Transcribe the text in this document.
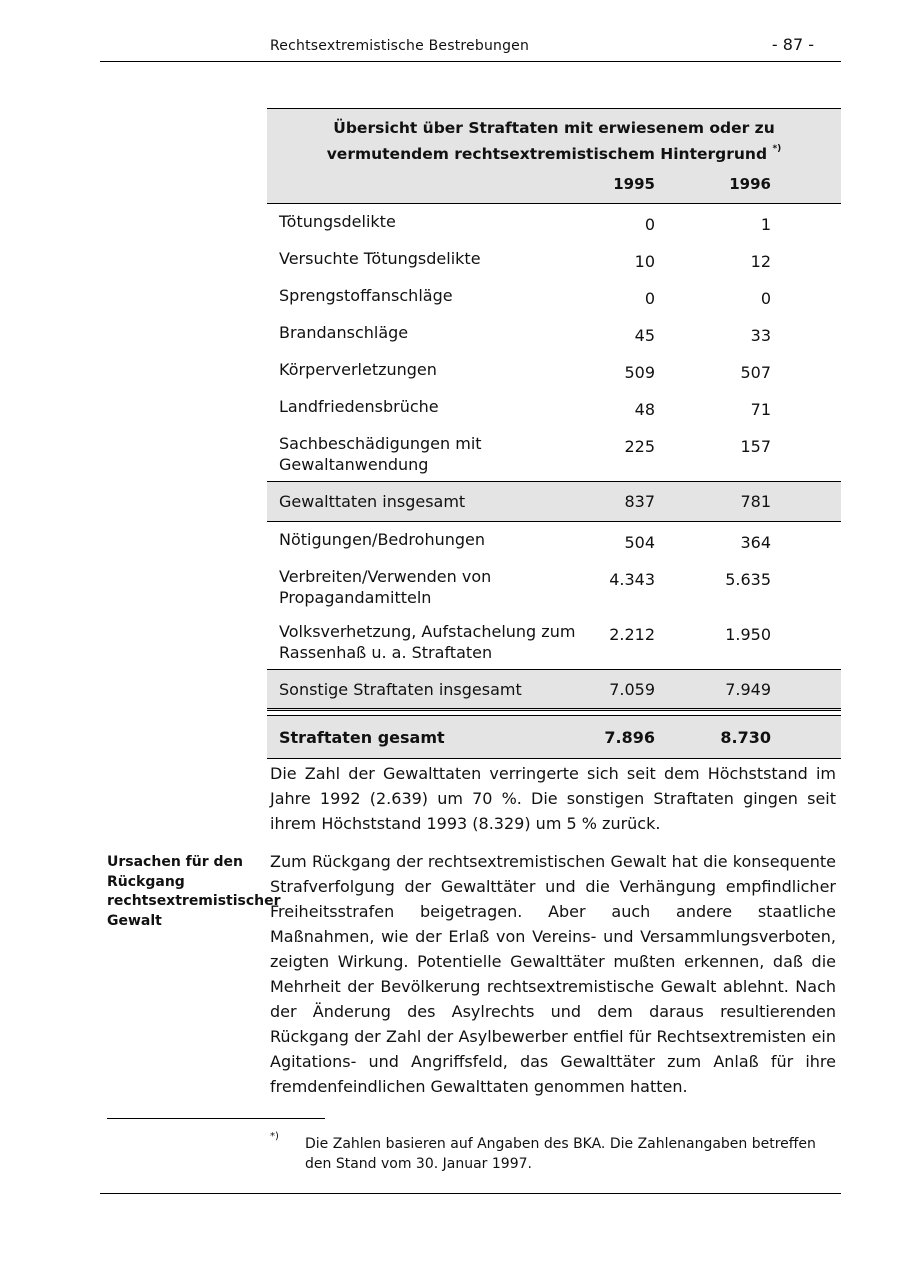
Rechtsextremistische Bestrebungen	- 87 -
Übersicht über Straftaten mit erwiesenem oder zu vermutendem rechtsextremistischem Hintergrund *)
	1995	1996
Tötungsdelikte	0	1
Versuchte Tötungsdelikte	10	12
Sprengstoffanschläge	0	0
Brandanschläge	45	33
Körperverletzungen	509	507
Landfriedensbrüche	48	71
Sachbeschädigungen mit Gewaltanwendung	225	157
Gewalttaten insgesamt	837	781
Nötigungen/Bedrohungen	504	364
Verbreiten/Verwenden von Propagandamitteln	4.343	5.635
Volksverhetzung, Aufstachelung zum Rassenhaß u. a. Straftaten	2.212	1.950
Sonstige Straftaten insgesamt	7.059	7.949

Straftaten gesamt	7.896	8.730

Die Zahl der Gewalttaten verringerte sich seit dem Höchststand im Jahre 1992 (2.639) um 70 %. Die sonstigen Straftaten gingen seit ihrem Höchststand 1993 (8.329) um 5 % zurück.

Ursachen für den Rückgang rechtsextremistischer Gewalt

Zum Rückgang der rechtsextremistischen Gewalt hat die konsequente Strafverfolgung der Gewalttäter und die Verhängung empfindlicher Freiheitsstrafen beigetragen. Aber auch andere staatliche Maßnahmen, wie der Erlaß von Vereins- und Versammlungsverboten, zeigten Wirkung. Potentielle Gewalttäter mußten erkennen, daß die Mehrheit der Bevölkerung rechtsextremistische Gewalt ablehnt. Nach der Änderung des Asylrechts und dem daraus resultierenden Rückgang der Zahl der Asylbewerber entfiel für Rechtsextremisten ein Agitations- und Angriffsfeld, das Gewalttäter zum Anlaß für ihre fremdenfeindlichen Gewalttaten genommen hatten.

*) Die Zahlen basieren auf Angaben des BKA. Die Zahlenangaben betreffen den Stand vom 30. Januar 1997.
